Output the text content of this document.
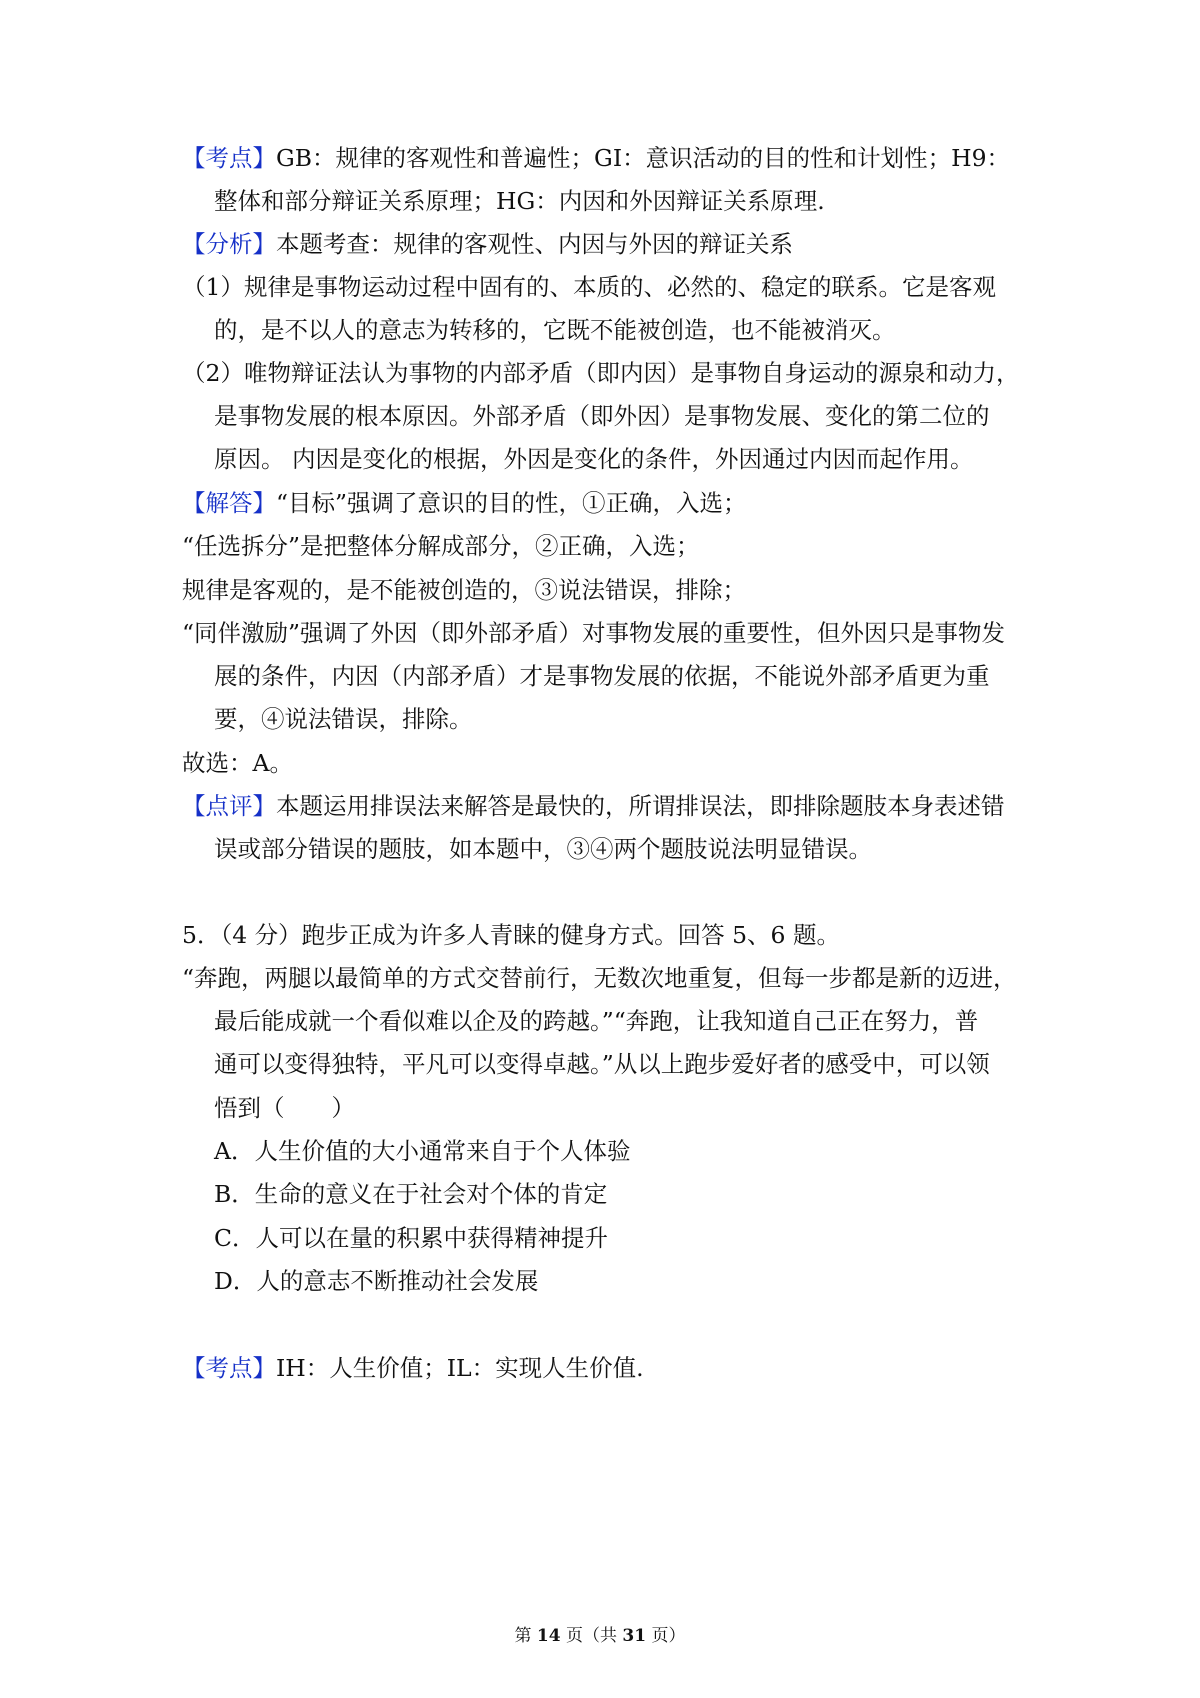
【考点】GB：规律的客观性和普遍性；GI：意识活动的目的性和计划性；H9：
整体和部分辩证关系原理；HG：内因和外因辩证关系原理.
【分析】本题考查：规律的客观性、内因与外因的辩证关系
（1）规律是事物运动过程中固有的、本质的、必然的、稳定的联系。它是客观
的，是不以人的意志为转移的，它既不能被创造，也不能被消灭。
（2）唯物辩证法认为事物的内部矛盾（即内因）是事物自身运动的源泉和动力，
是事物发展的根本原因。外部矛盾（即外因）是事物发展、变化的第二位的
原因。 内因是变化的根据，外因是变化的条件，外因通过内因而起作用。
【解答】“目标”强调了意识的目的性，①正确，入选；
“任选拆分”是把整体分解成部分，②正确，入选；
规律是客观的，是不能被创造的，③说法错误，排除；
“同伴激励”强调了外因（即外部矛盾）对事物发展的重要性，但外因只是事物发
展的条件，内因（内部矛盾）才是事物发展的依据，不能说外部矛盾更为重
要，④说法错误，排除。
故选：A。
【点评】本题运用排误法来解答是最快的，所谓排误法，即排除题肢本身表述错
误或部分错误的题肢，如本题中，③④两个题肢说法明显错误。
5．（4 分）跑步正成为许多人青睐的健身方式。回答 5、6 题。
“奔跑，两腿以最简单的方式交替前行，无数次地重复，但每一步都是新的迈进，
最后能成就一个看似难以企及的跨越。”“奔跑，让我知道自己正在努力，普
通可以变得独特，平凡可以变得卓越。”从以上跑步爱好者的感受中，可以领
悟到（　　）
A．人生价值的大小通常来自于个人体验
B．生命的意义在于社会对个体的肯定
C．人可以在量的积累中获得精神提升
D．人的意志不断推动社会发展
【考点】IH：人生价值；IL：实现人生价值.
第 14 页（共 31 页）
